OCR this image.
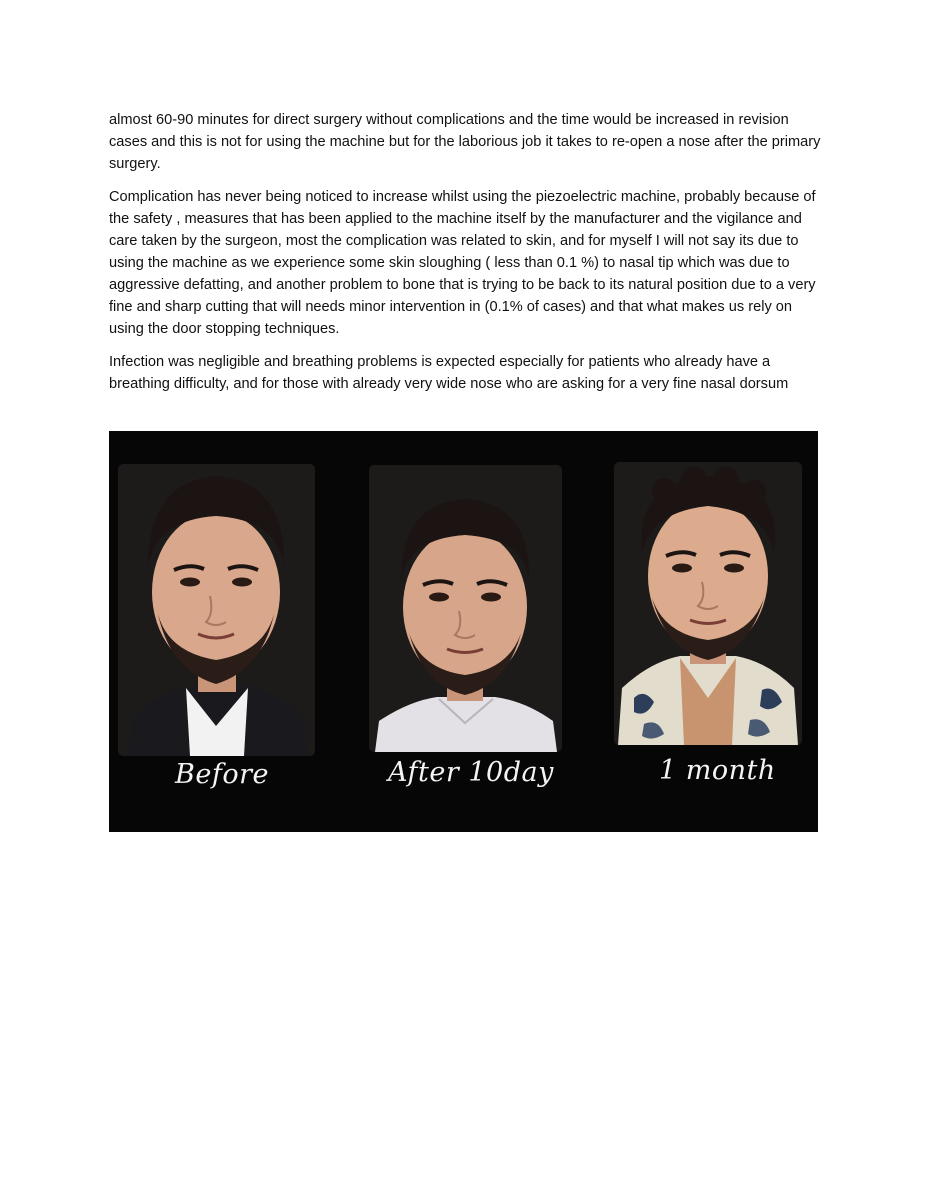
almost 60-90 minutes for direct surgery without complications and the time would be increased in revision cases and this is not for using the machine but for the laborious job it takes to re-open a nose after the primary surgery.

Complication has never being noticed to increase whilst using the piezoelectric machine, probably because of the safety , measures that has been applied to the machine itself by the manufacturer and the vigilance and care taken by the surgeon, most the complication was related to skin, and for myself I will not say its due to using the machine as we experience some skin sloughing ( less than 0.1 %) to nasal tip which was due to aggressive defatting, and another problem to bone that is trying to be back to its natural position due to a very fine and sharp cutting that will needs minor intervention in (0.1% of cases) and that what makes us rely on using the door stopping techniques.

Infection was negligible and breathing problems is expected especially for patients who already have a breathing difficulty, and for those with already very wide nose who are asking for a very fine nasal dorsum

Before	After 10day	1 month
